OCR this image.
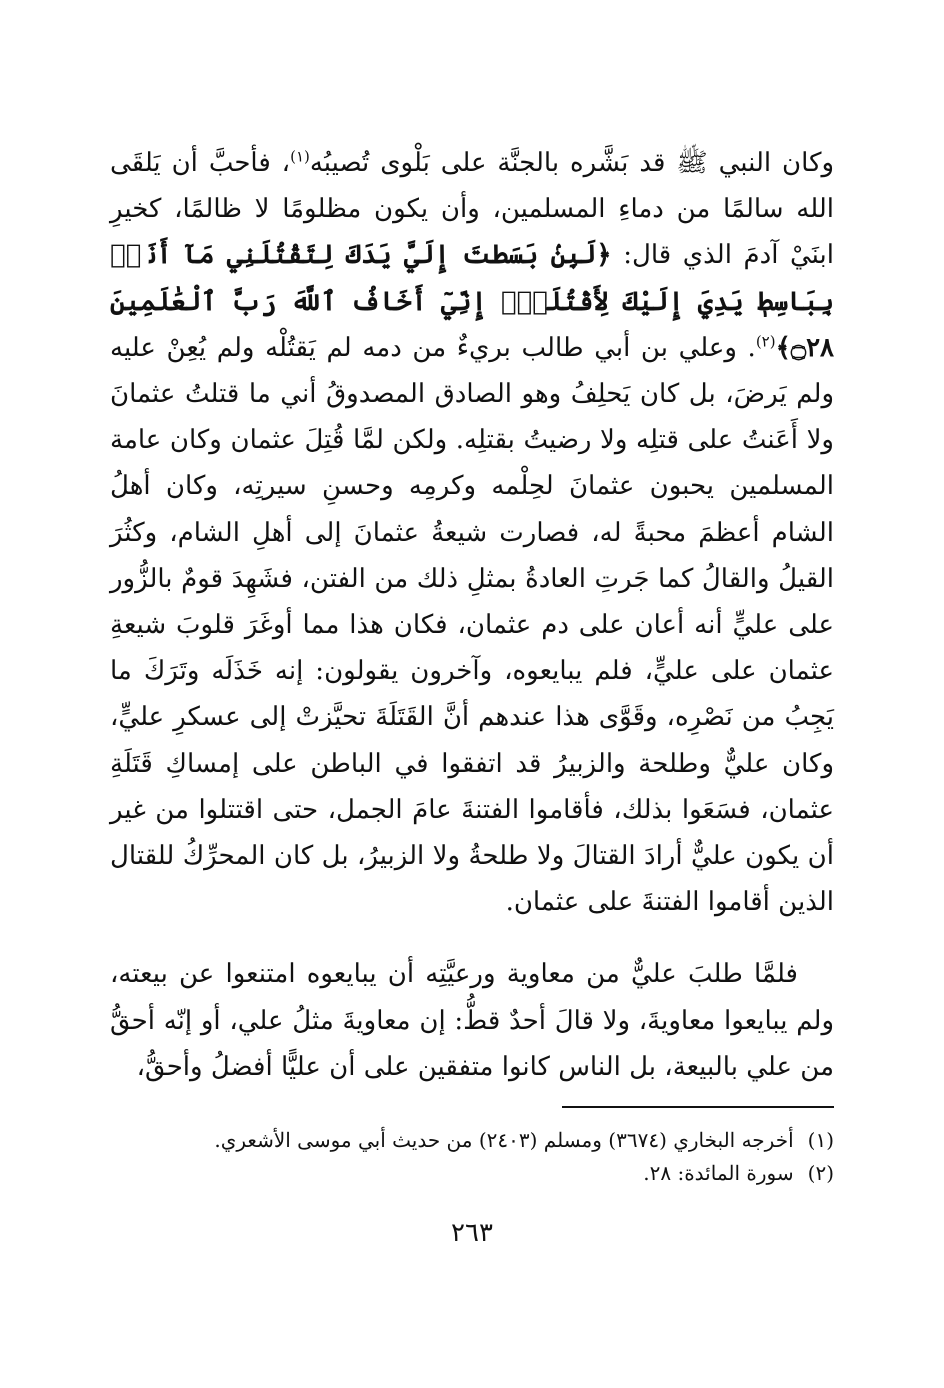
وكان النبي ﷺ قد بَشَّره بالجنَّة على بَلْوى تُصيبُه$^{(١)}$، فأحبَّ أن يَلقَى الله سالمًا من دماءِ المسلمين، وأن يكون مظلومًا لا ظالمًا، كخيرِ ابنَيْ آدمَ الذي قال: ﴿لَبِنۢ بَسَطتَ إِلَيَّ يَدَكَ لِتَقْتُلَنِي مَآ أَنَا۠ بِبَاسِطٖ يَدِيَ إِلَيْكَ لِأَقْتُلَكَۖ إِنِّيٓ أَخَافُ ٱللَّهَ رَبَّ ٱلْعَٰلَمِينَ ۝٢٨﴾$^{(٢)}$. وعلي بن أبي طالب بريءٌ من دمه لم يَقتُلْه ولم يُعِنْ عليه ولم يَرضَ، بل كان يَحلِفُ وهو الصادق المصدوقُ أني ما قتلتُ عثمانَ ولا أَعَنتُ على قتلِه ولا رضيتُ بقتلِه. ولكن لمَّا قُتِلَ عثمان وكان عامة المسلمين يحبون عثمانَ لحِلْمه وكرمِه وحسنِ سيرتِه، وكان أهلُ الشام أعظمَ محبةً له، فصارت شيعةُ عثمانَ إلى أهلِ الشام، وكثُرَ القيلُ والقالُ كما جَرتِ العادةُ بمثلِ ذلك من الفتن، فشَهِدَ قومٌ بالزُّور على عليٍّ أنه أعان على دم عثمان، فكان هذا مما أوغَرَ قلوبَ شيعةِ عثمان على عليٍّ، فلم يبايعوه، وآخرون يقولون: إنه خَذَلَه وتَرَكَ ما يَجِبُ من نَصْرِه، وقَوَّى هذا عندهم أنَّ القَتَلَةَ تحيَّزتْ إلى عسكرِ عليٍّ، وكان عليٌّ وطلحة والزبيرُ قد اتفقوا في الباطن على إمساكِ قَتَلَةِ عثمان، فسَعَوا بذلك، فأقاموا الفتنةَ عامَ الجمل، حتى اقتتلوا من غير أن يكون عليٌّ أرادَ القتالَ ولا طلحةُ ولا الزبيرُ، بل كان المحرِّكُ للقتال الذين أقاموا الفتنةَ على عثمان.

فلمَّا طلبَ عليٌّ من معاوية ورعيَّتِه أن يبايعوه امتنعوا عن بيعته، ولم يبايعوا معاويةَ، ولا قالَ أحدٌ قطُّ: إن معاويةَ مثلُ علي، أو إنّه أحقُّ من علي بالبيعة، بل الناس كانوا متفقين على أن عليًّا أفضلُ وأحقُّ،

(١)
أخرجه البخاري (٣٦٧٤) ومسلم (٢٤٠٣) من حديث أبي موسى الأشعري.
(٢)
سورة المائدة: ٢٨.
٢٦٣
